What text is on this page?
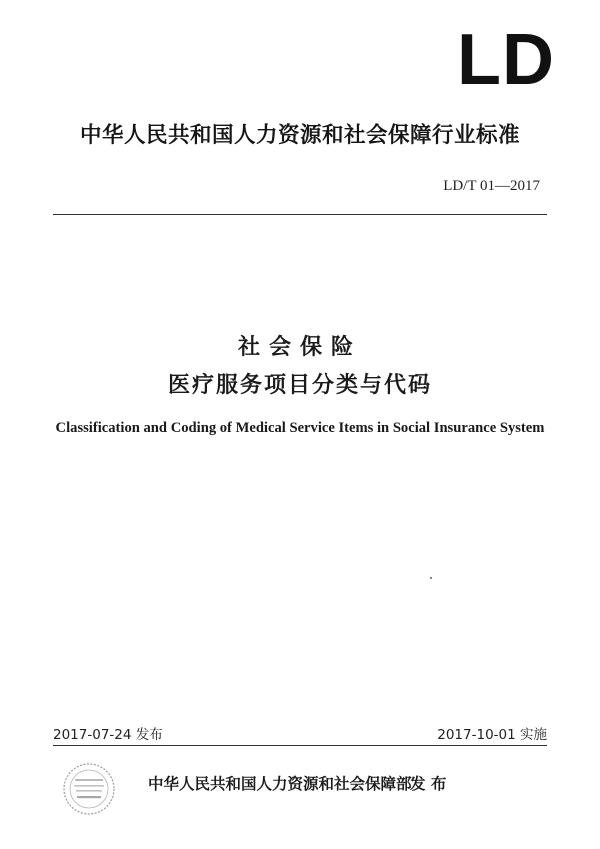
LD
中华人民共和国人力资源和社会保障行业标准
LD/T 01—2017
社会保险
医疗服务项目分类与代码
Classification and Coding of Medical Service Items in Social Insurance System
2017-07-24 发布	2017-10-01 实施
中华人民共和国人力资源和社会保障部
发 布
